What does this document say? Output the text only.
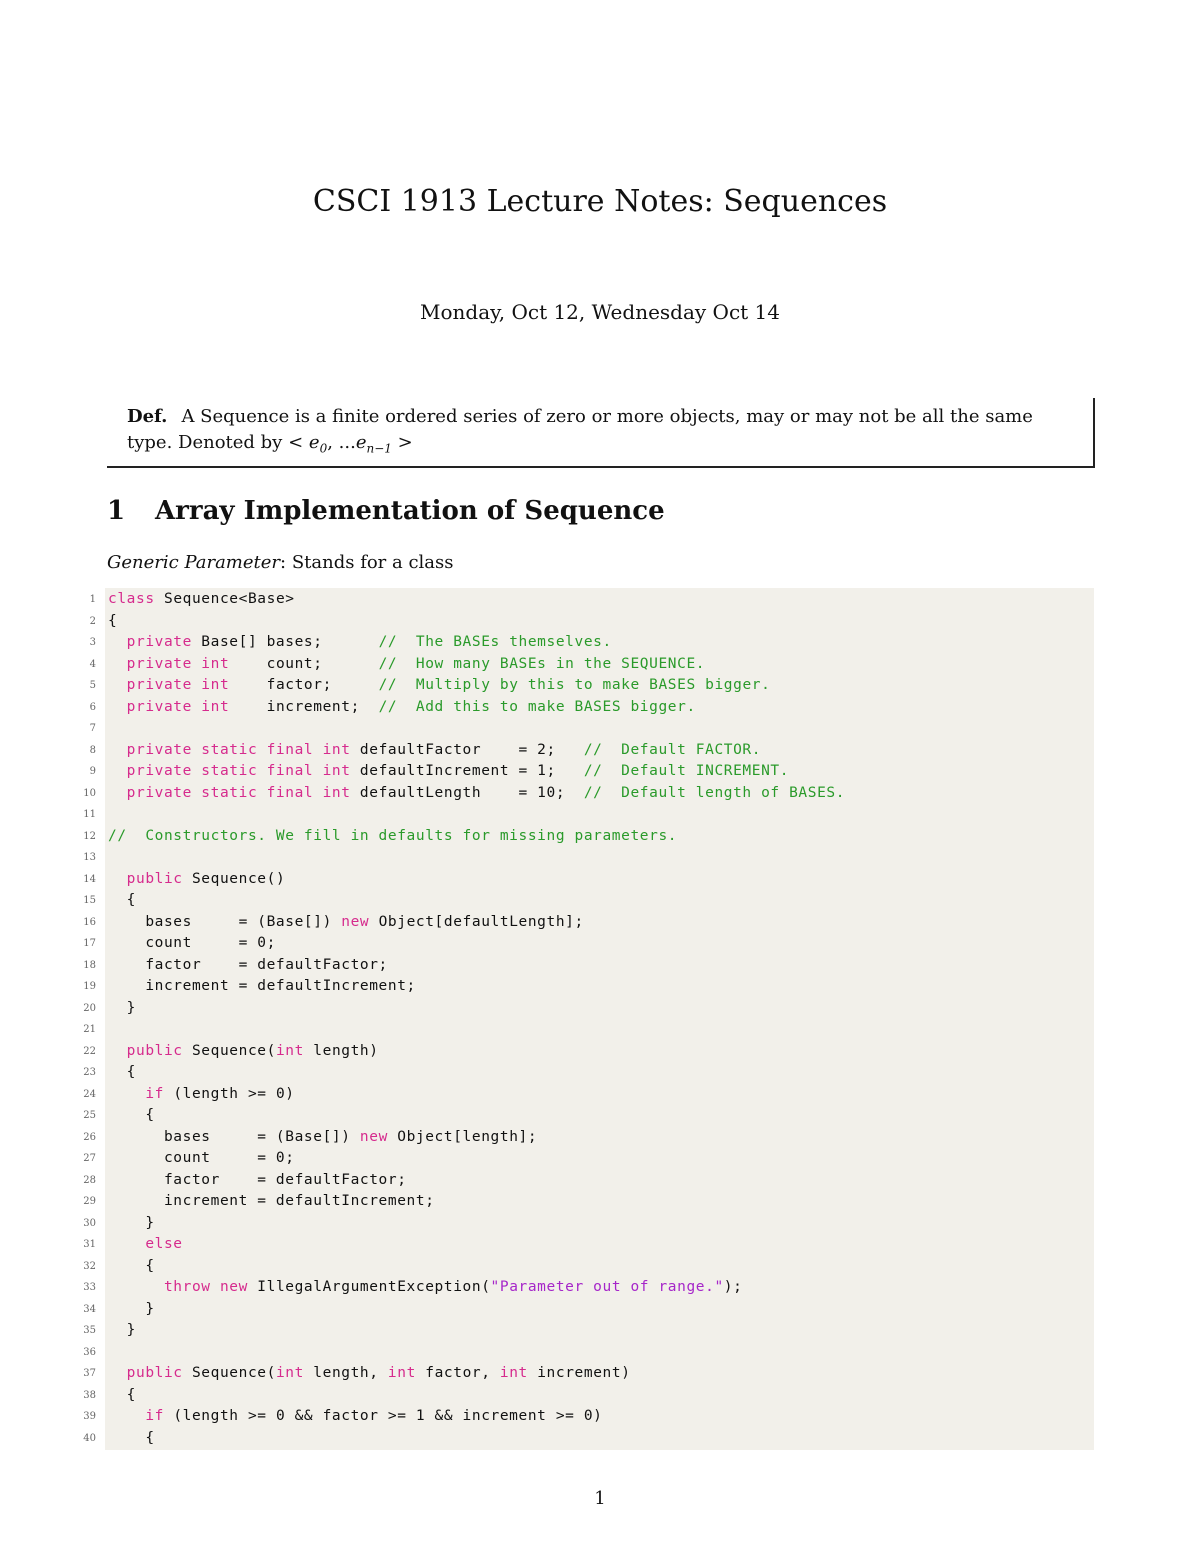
CSCI 1913 Lecture Notes: Sequences

Monday, Oct 12, Wednesday Oct 14

Def. A Sequence is a finite ordered series of zero or more objects, may or may not be all the same
type. Denoted by < $e_0$, $...e_{n-1}$ >
1 Array Implementation of Sequence

Generic Parameter: Stands for a class

1 class Sequence<Base>
2 {
3 private Base[] bases;      //  The BASEs themselves.
4 private int    count;      //  How many BASEs in the SEQUENCE.
5 private int    factor;     //  Multiply by this to make BASES bigger.
6 private int    increment;  //  Add this to make BASES bigger.
7
8 private static final int defaultFactor    = 2;   //  Default FACTOR.
9 private static final int defaultIncrement = 1;   //  Default INCREMENT.
10 private static final int defaultLength    = 10;  //  Default length of BASES.
11
12 //  Constructors. We fill in defaults for missing parameters.
13
14 public Sequence()
15 {
16 bases     = (Base[]) new Object[defaultLength];
17 count     = 0;
18 factor    = defaultFactor;
19 increment = defaultIncrement;
20 }
21
22 public Sequence(int length)
23 {
24 if (length >= 0)
25 {
26 bases     = (Base[]) new Object[length];
27 count     = 0;
28 factor    = defaultFactor;
29 increment = defaultIncrement;
30 }
31 else
32 {
33 throw new IllegalArgumentException("Parameter out of range.");
34 }
35 }
36
37 public Sequence(int length, int factor, int increment)
38 {
39 if (length >= 0 && factor >= 1 && increment >= 0)
40 {

1
